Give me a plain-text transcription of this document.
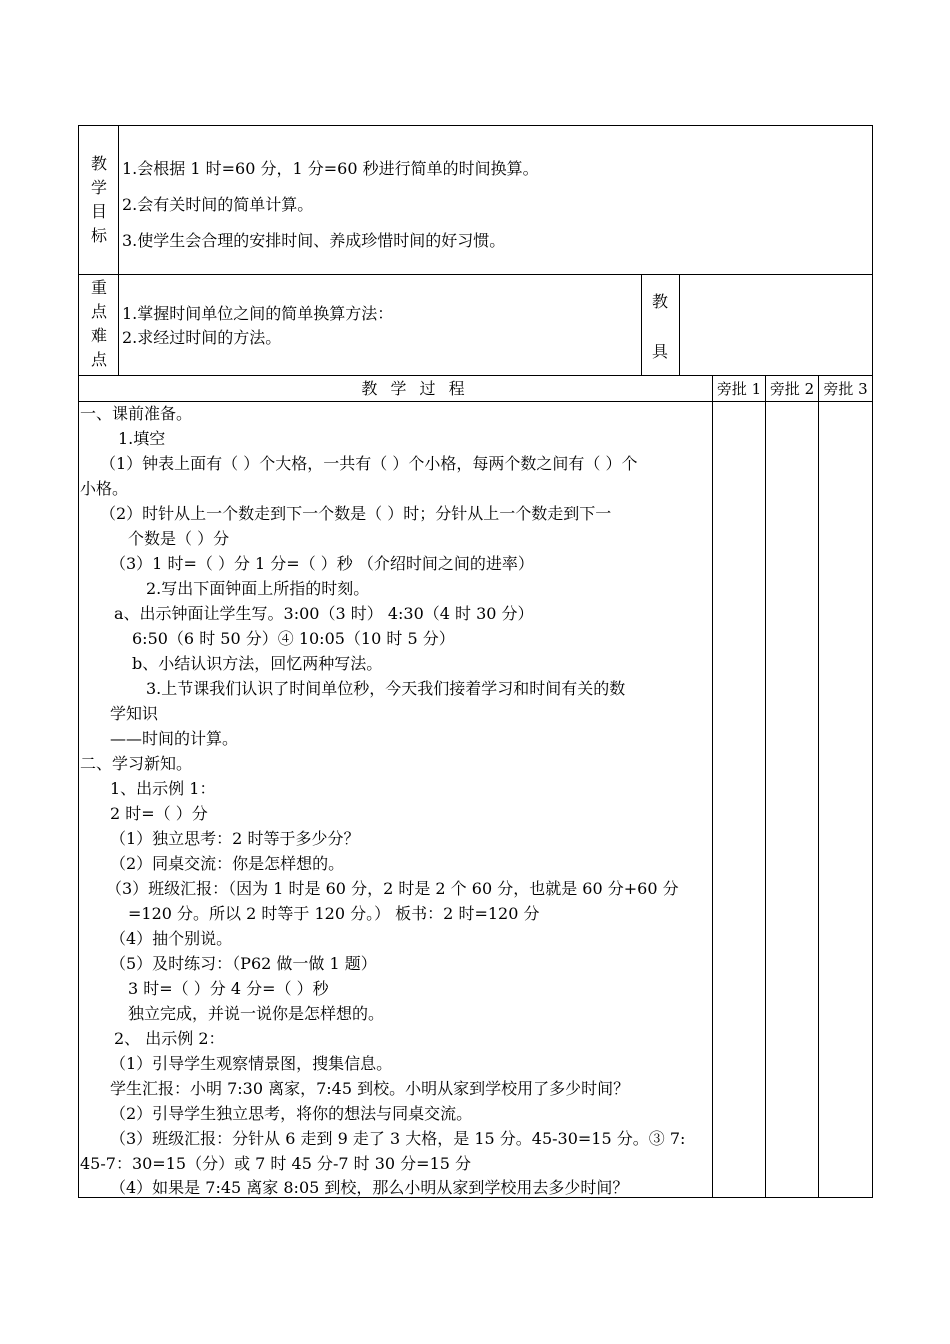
教学目标
1.会根据 1 时=60 分，1 分=60 秒进行简单的时间换算。
2.会有关时间的简单计算。
3.使学生会合理的安排时间、养成珍惜时间的好习惯。
重点难点
1.掌握时间单位之间的简单换算方法：
2.求经过时间的方法。
教
具
教 学 过 程	旁批 1 旁批 2 旁批 3
一、课前准备。
1.填空
（1）钟表上面有（ ）个大格，一共有（ ）个小格，每两个数之间有（ ）个
小格。
（2）时针从上一个数走到下一个数是（ ）时；分针从上一个数走到下一
个数是（ ）分
（3）1 时=（ ）分 1 分=（ ）秒 （介绍时间之间的进率）
2.写出下面钟面上所指的时刻。
a、出示钟面让学生写。3:00（3 时） 4:30（4 时 30 分）
6:50（6 时 50 分）④ 10:05（10 时 5 分）
b、小结认识方法，回忆两种写法。
3.上节课我们认识了时间单位秒，今天我们接着学习和时间有关的数
学知识
——时间的计算。
二、学习新知。
1、出示例 1：
2 时=（ ）分
（1）独立思考：2 时等于多少分？
（2）同桌交流：你是怎样想的。
（3）班级汇报：（因为 1 时是 60 分，2 时是 2 个 60 分，也就是 60 分+60 分
=120 分。所以 2 时等于 120 分。） 板书：2 时=120 分
（4）抽个别说。
（5）及时练习：（P62 做一做 1 题）
3 时=（ ）分 4 分=（ ）秒
独立完成，并说一说你是怎样想的。
2、 出示例 2：
（1）引导学生观察情景图，搜集信息。
学生汇报：小明 7:30 离家，7:45 到校。小明从家到学校用了多少时间？
（2）引导学生独立思考，将你的想法与同桌交流。
（3）班级汇报：分针从 6 走到 9 走了 3 大格，是 15 分。45-30=15 分。③ 7:
45-7：30=15（分）或 7 时 45 分-7 时 30 分=15 分
（4）如果是 7:45 离家 8:05 到校，那么小明从家到学校用去多少时间？
